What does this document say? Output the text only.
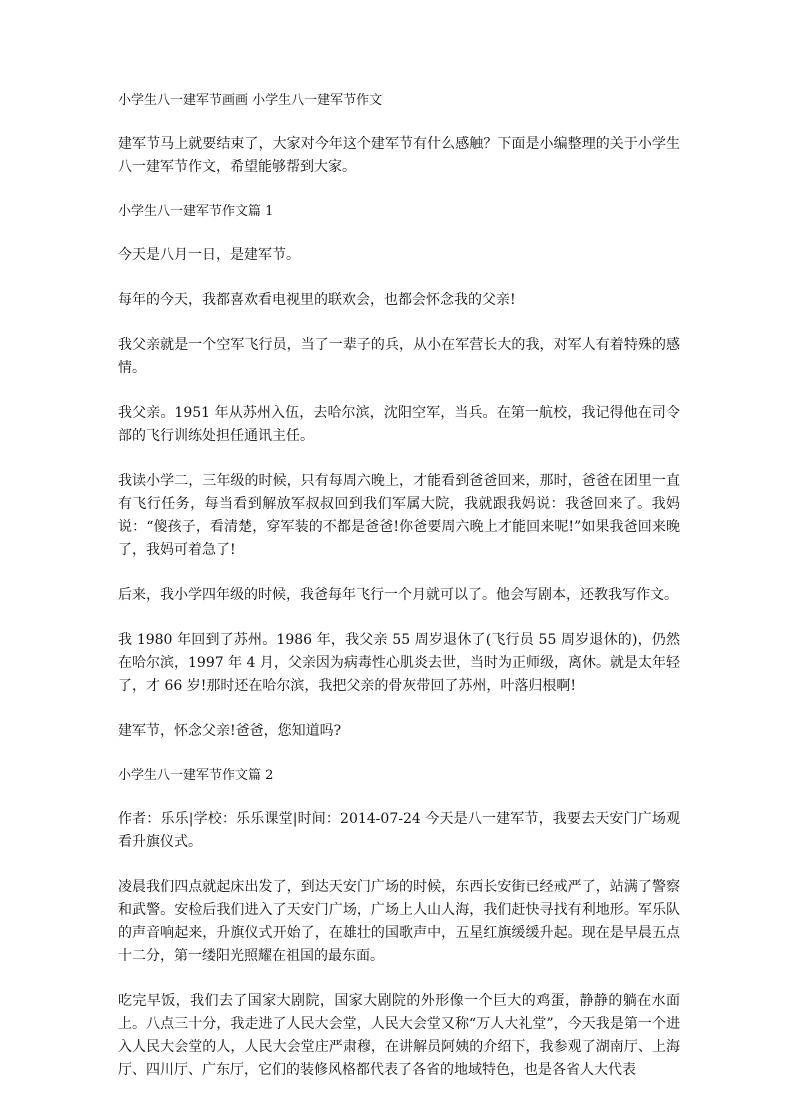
小学生八一建军节画画 小学生八一建军节作文
建军节马上就要结束了，大家对今年这个建军节有什么感触？下面是小编整理的关于小学生八一建军节作文，希望能够帮到大家。
小学生八一建军节作文篇 1
今天是八月一日，是建军节。
每年的今天，我都喜欢看电视里的联欢会，也都会怀念我的父亲!
我父亲就是一个空军飞行员，当了一辈子的兵，从小在军营长大的我，对军人有着特殊的感情。
我父亲。1951 年从苏州入伍，去哈尔滨，沈阳空军，当兵。在第一航校，我记得他在司令部的飞行训练处担任通讯主任。
我读小学二，三年级的时候，只有每周六晚上，才能看到爸爸回来，那时，爸爸在团里一直有飞行任务，每当看到解放军叔叔回到我们军属大院，我就跟我妈说：我爸回来了。我妈说：“傻孩子，看清楚，穿军装的不都是爸爸!你爸要周六晚上才能回来呢!”如果我爸回来晚了，我妈可着急了!
后来，我小学四年级的时候，我爸每年飞行一个月就可以了。他会写剧本，还教我写作文。
我 1980 年回到了苏州。1986 年，我父亲 55 周岁退休了(飞行员 55 周岁退休的)，仍然在哈尔滨，1997 年 4 月，父亲因为病毒性心肌炎去世，当时为正师级，离休。就是太年轻了，才 66 岁!那时还在哈尔滨，我把父亲的骨灰带回了苏州，叶落归根啊!
建军节，怀念父亲!爸爸，您知道吗?
小学生八一建军节作文篇 2
作者：乐乐|学校：乐乐课堂|时间：2014-07-24 今天是八一建军节，我要去天安门广场观看升旗仪式。
凌晨我们四点就起床出发了，到达天安门广场的时候，东西长安街已经戒严了，站满了警察和武警。安检后我们进入了天安门广场，广场上人山人海，我们赶快寻找有利地形。军乐队的声音响起来，升旗仪式开始了，在雄壮的国歌声中，五星红旗缓缓升起。现在是早晨五点十二分，第一缕阳光照耀在祖国的最东面。
吃完早饭，我们去了国家大剧院，国家大剧院的外形像一个巨大的鸡蛋，静静的躺在水面上。八点三十分，我走进了人民大会堂，人民大会堂又称“万人大礼堂”，今天我是第一个进入人民大会堂的人，人民大会堂庄严肃穆，在讲解员阿姨的介绍下，我参观了湖南厅、上海厅、四川厅、广东厅，它们的装修风格都代表了各省的地域特色，也是各省人大代表
